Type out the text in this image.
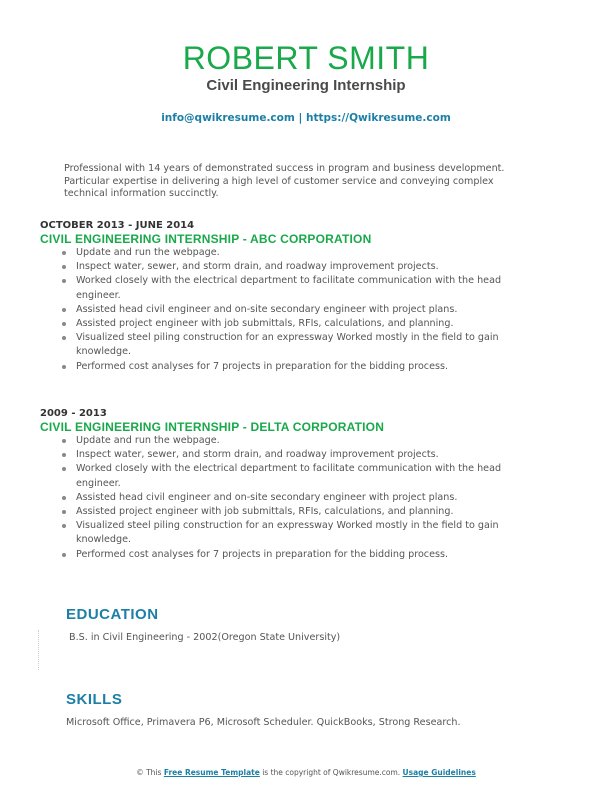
ROBERT SMITH
Civil Engineering Internship
info@qwikresume.com | https://Qwikresume.com
Professional with 14 years of demonstrated success in program and business development. Particular expertise in delivering a high level of customer service and conveying complex technical information succinctly.
OCTOBER 2013 - JUNE 2014
CIVIL ENGINEERING INTERNSHIP - ABC CORPORATION
Update and run the webpage.
Inspect water, sewer, and storm drain, and roadway improvement projects.
Worked closely with the electrical department to facilitate communication with the head engineer.
Assisted head civil engineer and on-site secondary engineer with project plans.
Assisted project engineer with job submittals, RFIs, calculations, and planning.
Visualized steel piling construction for an expressway Worked mostly in the field to gain knowledge.
Performed cost analyses for 7 projects in preparation for the bidding process.
2009 - 2013
CIVIL ENGINEERING INTERNSHIP - DELTA CORPORATION
Update and run the webpage.
Inspect water, sewer, and storm drain, and roadway improvement projects.
Worked closely with the electrical department to facilitate communication with the head engineer.
Assisted head civil engineer and on-site secondary engineer with project plans.
Assisted project engineer with job submittals, RFIs, calculations, and planning.
Visualized steel piling construction for an expressway Worked mostly in the field to gain knowledge.
Performed cost analyses for 7 projects in preparation for the bidding process.
EDUCATION
B.S. in Civil Engineering - 2002(Oregon State University)
SKILLS
Microsoft Office, Primavera P6, Microsoft Scheduler. QuickBooks, Strong Research.
© This Free Resume Template is the copyright of Qwikresume.com. Usage Guidelines
